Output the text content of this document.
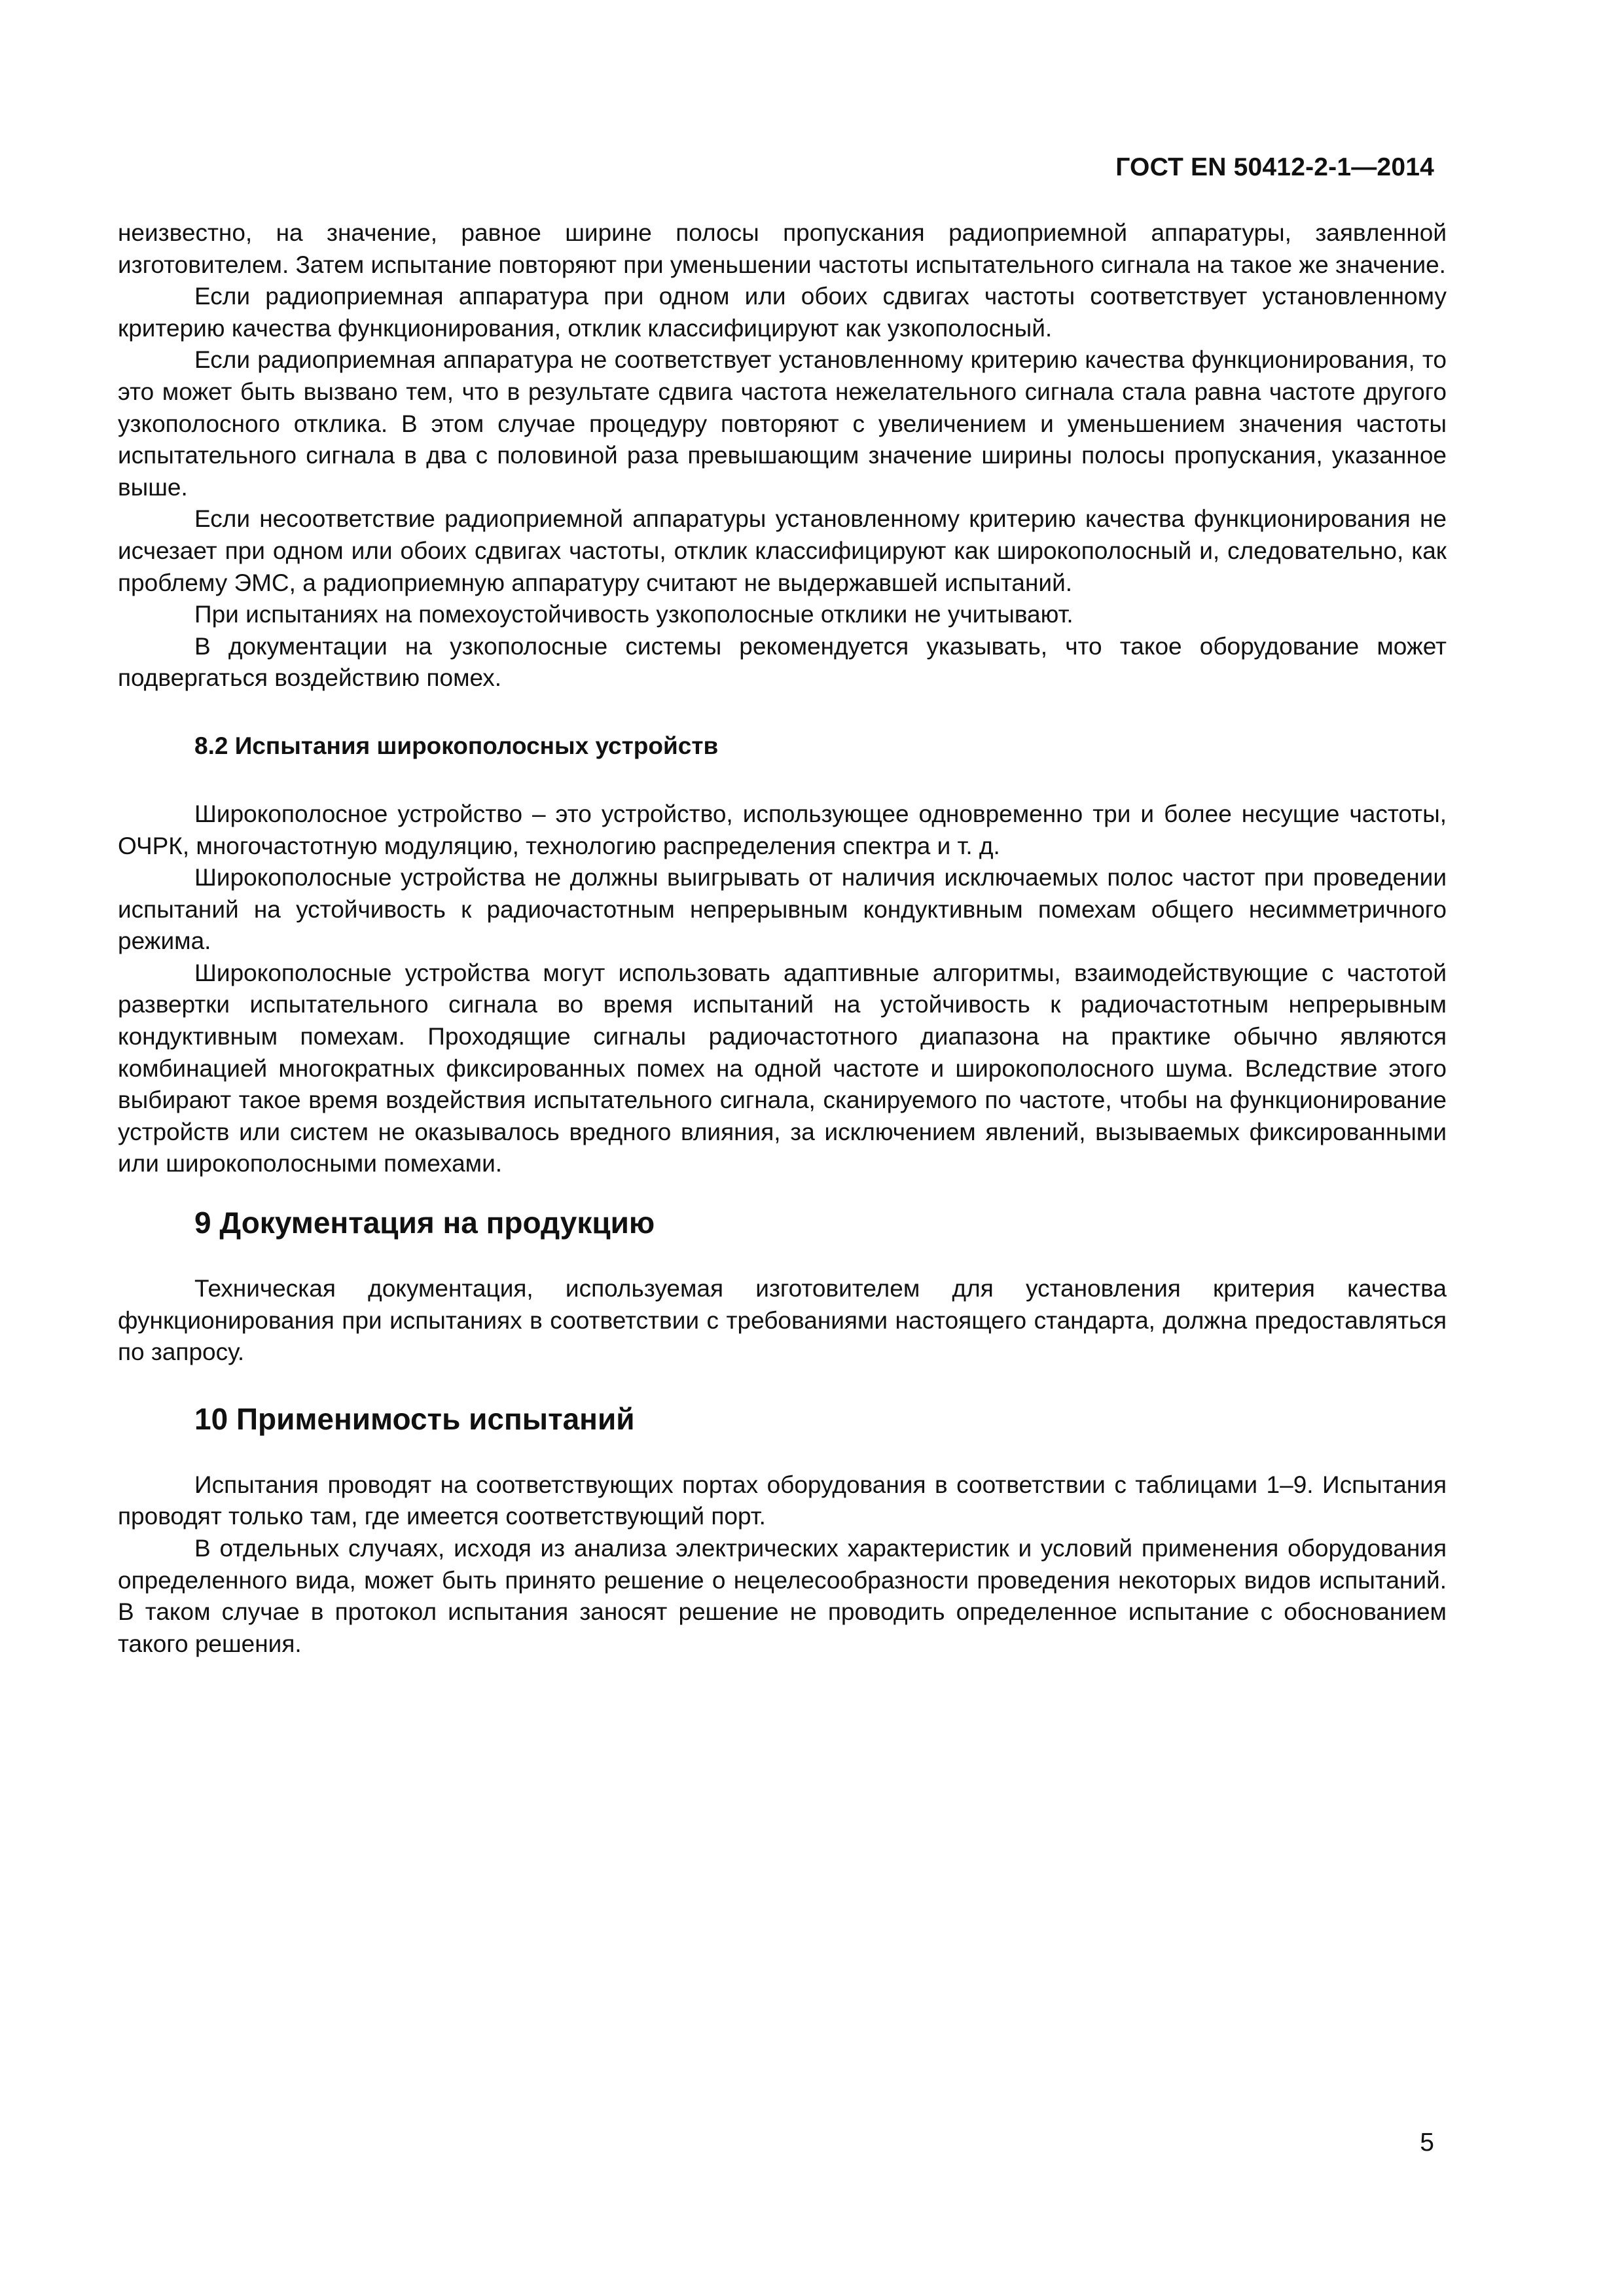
ГОСТ EN 50412-2-1—2014

неизвестно, на значение, равное ширине полосы пропускания радиоприемной аппаратуры, заявленной изготовителем. Затем испытание повторяют при уменьшении частоты испытательного сигнала на такое же значение.

Если радиоприемная аппаратура при одном или обоих сдвигах частоты соответствует установленному критерию качества функционирования, отклик классифицируют как узкополосный.

Если радиоприемная аппаратура не соответствует установленному критерию качества функционирования, то это может быть вызвано тем, что в результате сдвига частота нежелательного сигнала стала равна частоте другого узкополосного отклика. В этом случае процедуру повторяют с увеличением и уменьшением значения частоты испытательного сигнала в два с половиной раза превышающим значение ширины полосы пропускания, указанное выше.

Если несоответствие радиоприемной аппаратуры установленному критерию качества функционирования не исчезает при одном или обоих сдвигах частоты, отклик классифицируют как широкополосный и, следовательно, как проблему ЭМС, а радиоприемную аппаратуру считают не выдержавшей испытаний.

При испытаниях на помехоустойчивость узкополосные отклики не учитывают.

В документации на узкополосные системы рекомендуется указывать, что такое оборудование может подвергаться воздействию помех.

8.2 Испытания широкополосных устройств

Широкополосное устройство – это устройство, использующее одновременно три и более несущие частоты, ОЧРК, многочастотную модуляцию, технологию распределения спектра и т. д.

Широкополосные устройства не должны выигрывать от наличия исключаемых полос частот при проведении испытаний на устойчивость к радиочастотным непрерывным кондуктивным помехам общего несимметричного режима.

Широкополосные устройства могут использовать адаптивные алгоритмы, взаимодействующие с частотой развертки испытательного сигнала во время испытаний на устойчивость к радиочастотным непрерывным кондуктивным помехам. Проходящие сигналы радиочастотного диапазона на практике обычно являются комбинацией многократных фиксированных помех на одной частоте и широкополосного шума. Вследствие этого выбирают такое время воздействия испытательного сигнала, сканируемого по частоте, чтобы на функционирование устройств или систем не оказывалось вредного влияния, за исключением явлений, вызываемых фиксированными или широкополосными помехами.

9 Документация на продукцию

Техническая документация, используемая изготовителем для установления критерия качества функционирования при испытаниях в соответствии с требованиями настоящего стандарта, должна предоставляться по запросу.

10 Применимость испытаний

Испытания проводят на соответствующих портах оборудования в соответствии с таблицами 1–9. Испытания проводят только там, где имеется соответствующий порт.

В отдельных случаях, исходя из анализа электрических характеристик и условий применения оборудования определенного вида, может быть принято решение о нецелесообразности проведения некоторых видов испытаний. В таком случае в протокол испытания заносят решение не проводить определенное испытание с обоснованием такого решения.

5
